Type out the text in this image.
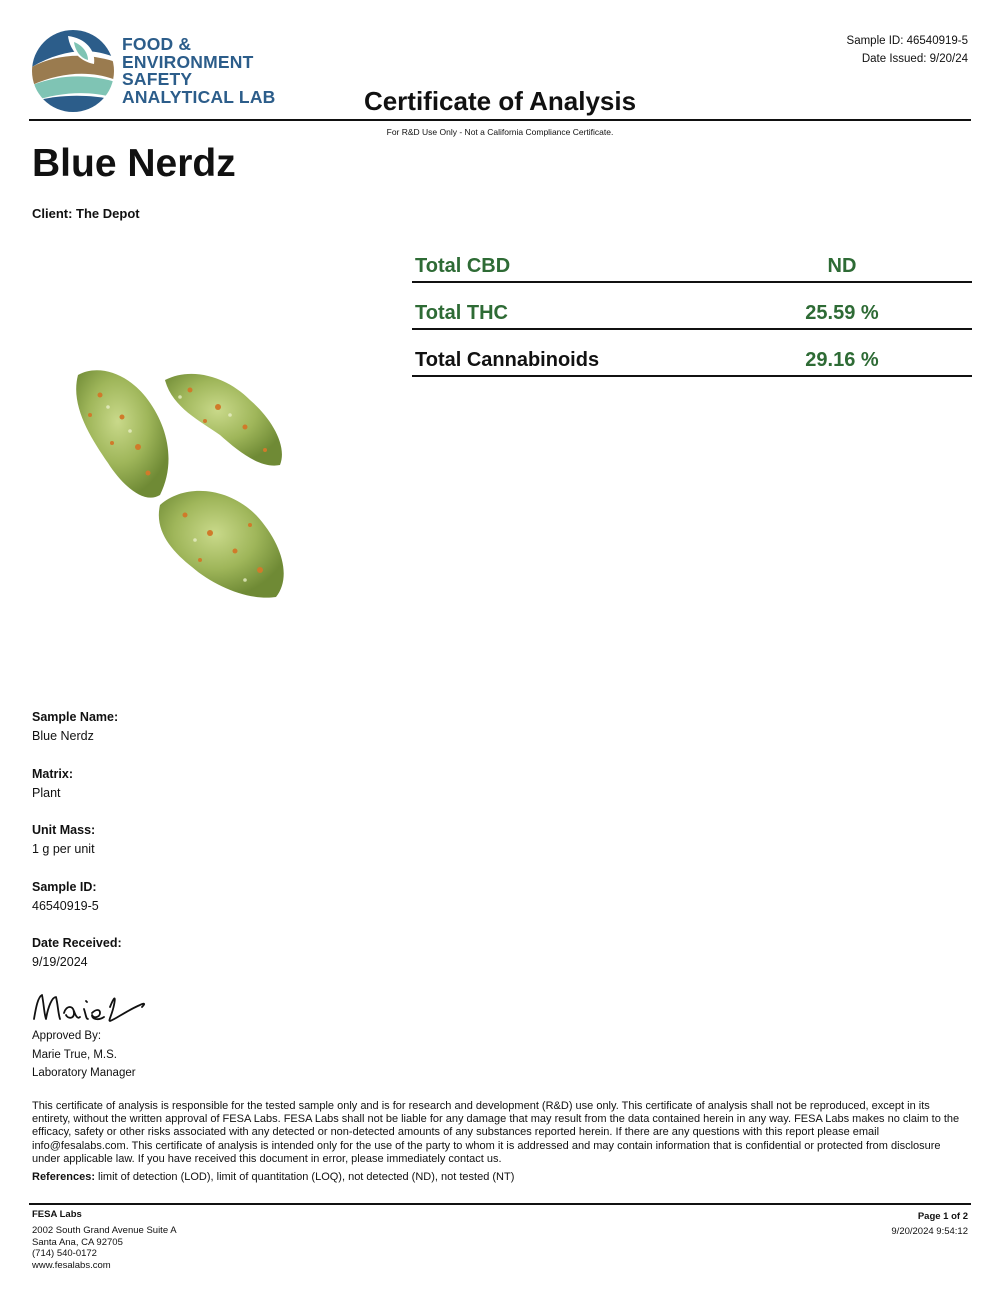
FOOD &
ENVIRONMENT
SAFETY
ANALYTICAL LAB
Sample ID: 46540919-5
Date Issued: 9/20/24
Certificate of Analysis
For R&D Use Only - Not a California Compliance Certificate.
Blue Nerdz
Client: The Depot
Total CBD	ND
Total THC	25.59 %
Total Cannabinoids	29.16 %
Sample Name:
Blue Nerdz
Matrix:
Plant
Unit Mass:
1 g per unit
Sample ID:
46540919-5
Date Received:
9/19/2024
Approved By:
Marie True, M.S.
Laboratory Manager
This certificate of analysis is responsible for the tested sample only and is for research and development (R&D) use only. This certificate of analysis shall not be reproduced, except in its entirety, without the written approval of FESA Labs. FESA Labs shall not be liable for any damage that may result from the data contained herein in any way. FESA Labs makes no claim to the efficacy, safety or other risks associated with any detected or non-detected amounts of any substances reported herein. If there are any questions with this report please email info@fesalabs.com. This certificate of analysis is intended only for the use of the party to whom it is addressed and may contain information that is confidential or protected from disclosure under applicable law. If you have received this document in error, please immediately contact us.
References: limit of detection (LOD), limit of quantitation (LOQ), not detected (ND), not tested (NT)
FESA Labs
2002 South Grand Avenue Suite A
Santa Ana, CA 92705
(714) 540-0172
www.fesalabs.com
Page 1 of 2
9/20/2024 9:54:12
